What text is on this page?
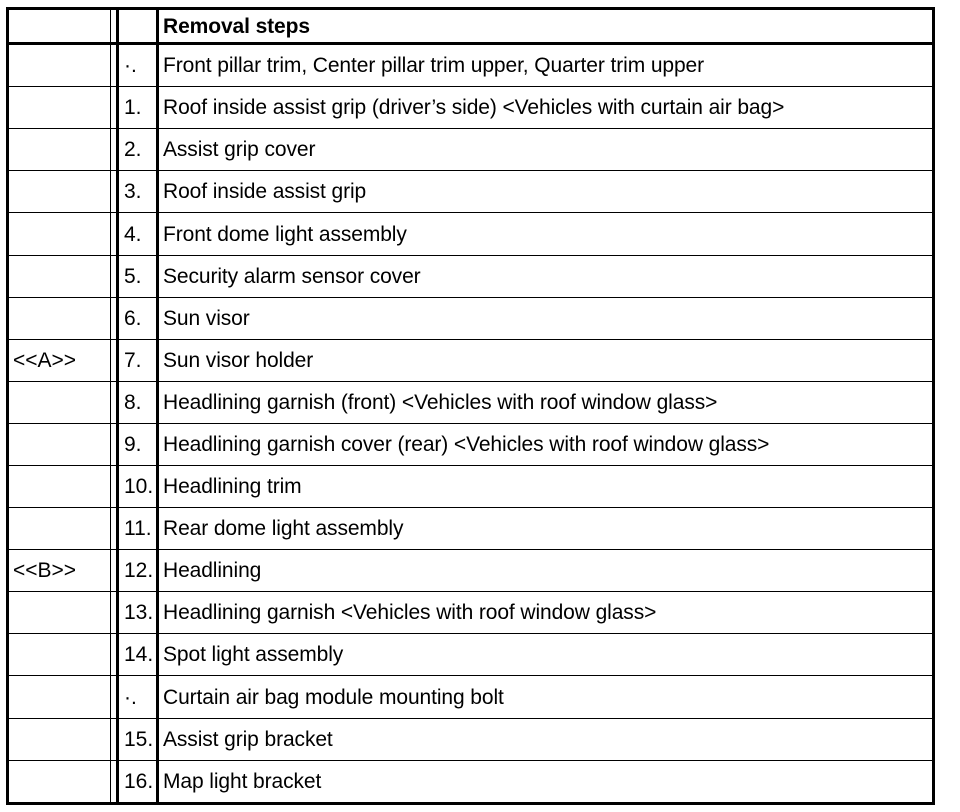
			Removal steps
		·.	Front pillar trim, Center pillar trim upper, Quarter trim upper
		1.	Roof inside assist grip (driver’s side) <Vehicles with curtain air bag>
		2.	Assist grip cover
		3.	Roof inside assist grip
		4.	Front dome light assembly
		5.	Security alarm sensor cover
		6.	Sun visor
<<A>>		7.	Sun visor holder
		8.	Headlining garnish (front) <Vehicles with roof window glass>
		9.	Headlining garnish cover (rear) <Vehicles with roof window glass>
		10.	Headlining trim
		11.	Rear dome light assembly
<<B>>		12.	Headlining
		13.	Headlining garnish <Vehicles with roof window glass>
		14.	Spot light assembly
		·.	Curtain air bag module mounting bolt
		15.	Assist grip bracket
		16.	Map light bracket
